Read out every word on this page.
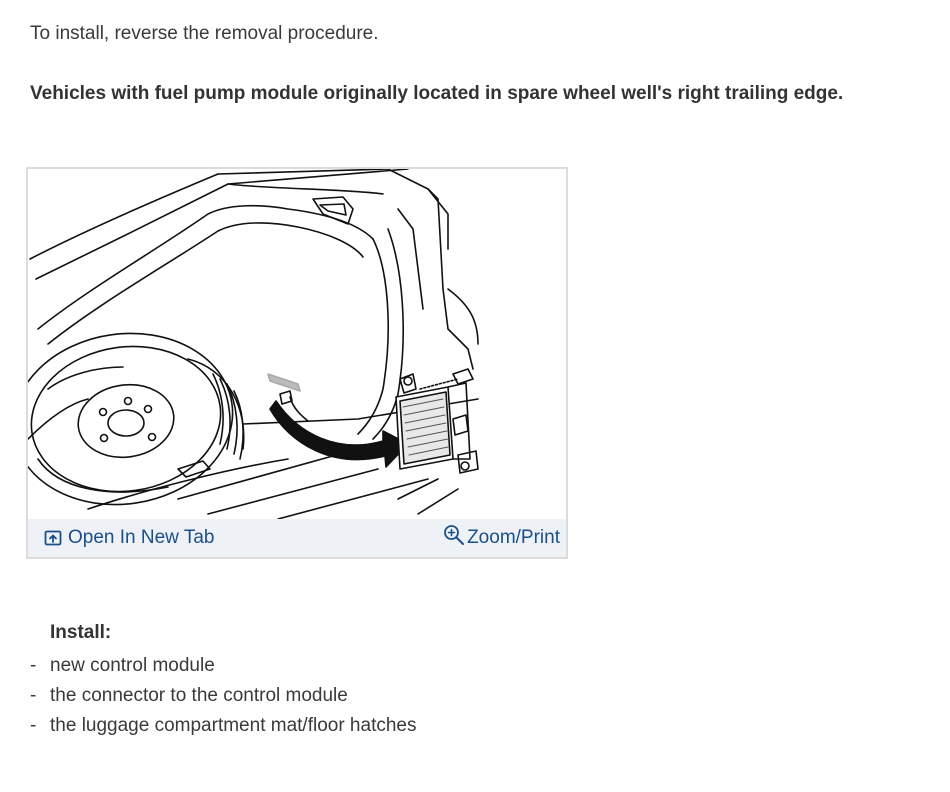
To install, reverse the removal procedure.

Vehicles with fuel pump module originally located in spare wheel well's right trailing edge.

Open In New Tab	Zoom/Print

Install:

- new control module
- the connector to the control module
- the luggage compartment mat/floor hatches
